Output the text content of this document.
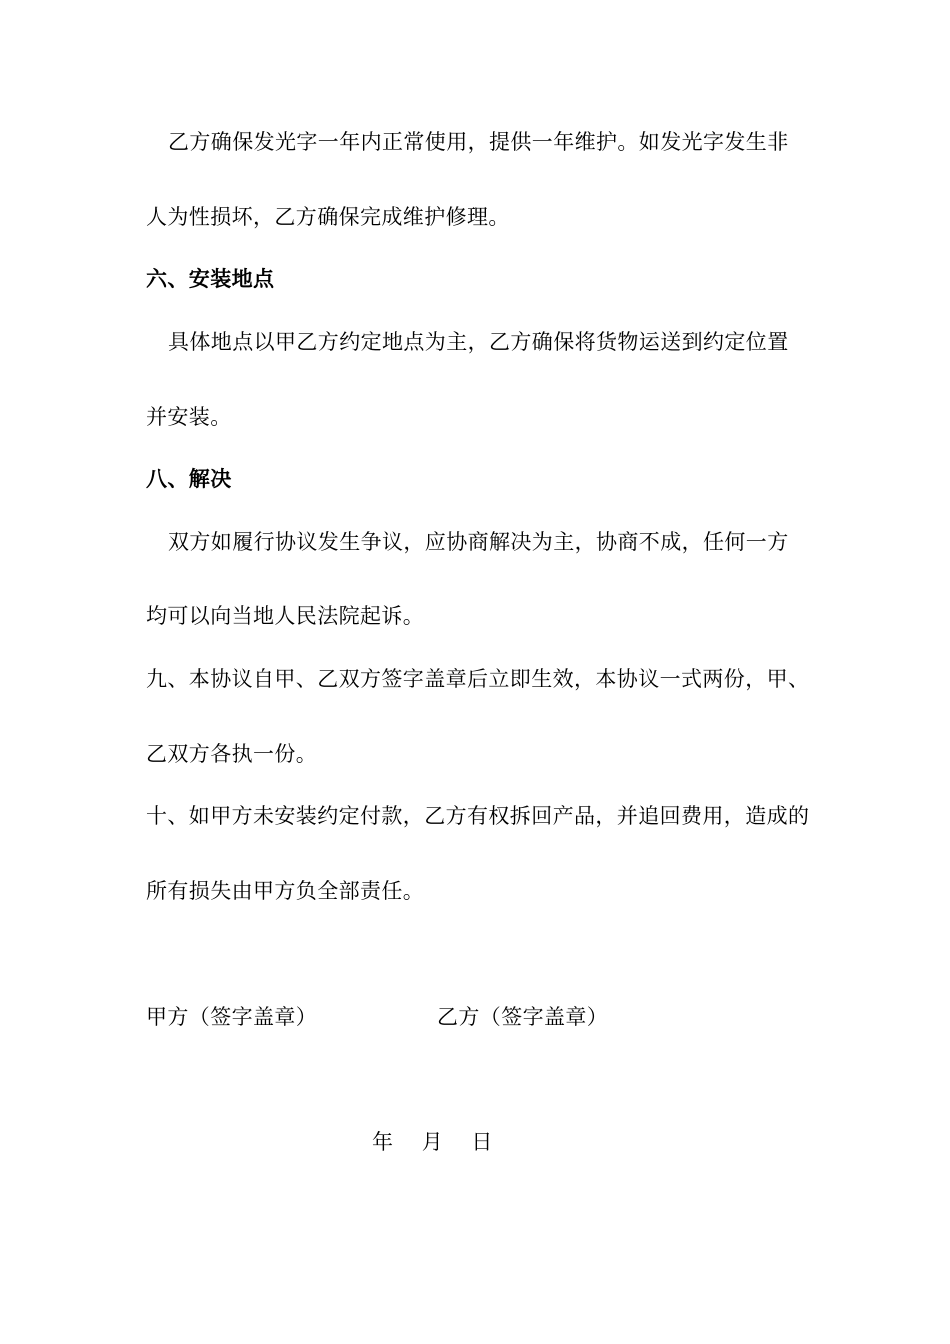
乙方确保发光字一年内正常使用，提供一年维护。如发光字发生非
人为性损坏，乙方确保完成维护修理。
六、安装地点
具体地点以甲乙方约定地点为主，乙方确保将货物运送到约定位置
并安装。
八、解决
双方如履行协议发生争议，应协商解决为主，协商不成，任何一方
均可以向当地人民法院起诉。
九、本协议自甲、乙双方签字盖章后立即生效，本协议一式两份，甲、
乙双方各执一份。
十、如甲方未安装约定付款，乙方有权拆回产品，并追回费用，造成的
所有损失由甲方负全部责任。
甲方（签字盖章）	乙方（签字盖章）
年    月    日
